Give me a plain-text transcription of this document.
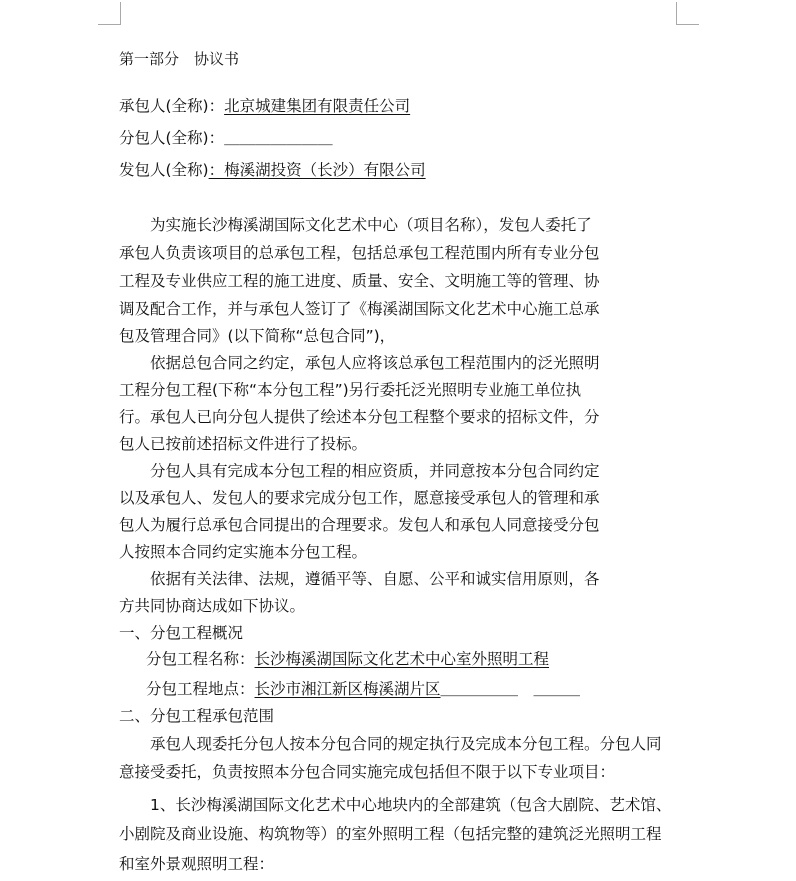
第一部分　协议书
承包人(全称)：北京城建集团有限责任公司
分包人(全称)：＿＿＿＿＿＿＿
发包人(全称)：梅溪湖投资（长沙）有限公司
为实施长沙梅溪湖国际文化艺术中心（项目名称），发包人委托了
承包人负责该项目的总承包工程，包括总承包工程范围内所有专业分包
工程及专业供应工程的施工进度、质量、安全、文明施工等的管理、协
调及配合工作，并与承包人签订了《梅溪湖国际文化艺术中心施工总承
包及管理合同》(以下简称“总包合同”)，
依据总包合同之约定，承包人应将该总承包工程范围内的泛光照明
工程分包工程(下称“本分包工程”)另行委托泛光照明专业施工单位执
行。承包人已向分包人提供了绘述本分包工程整个要求的招标文件，分
包人已按前述招标文件进行了投标。
分包人具有完成本分包工程的相应资质，并同意按本分包合同约定
以及承包人、发包人的要求完成分包工作，愿意接受承包人的管理和承
包人为履行总承包合同提出的合理要求。发包人和承包人同意接受分包
人按照本合同约定实施本分包工程。
依据有关法律、法规，遵循平等、自愿、公平和诚实信用原则，各
方共同协商达成如下协议。
一、分包工程概况
分包工程名称：长沙梅溪湖国际文化艺术中心室外照明工程
分包工程地点：长沙市湘江新区梅溪湖片区＿＿＿＿＿　＿＿＿
二、分包工程承包范围
承包人现委托分包人按本分包合同的规定执行及完成本分包工程。分包人同
意接受委托，负责按照本分包合同实施完成包括但不限于以下专业项目：
1、长沙梅溪湖国际文化艺术中心地块内的全部建筑（包含大剧院、艺术馆、
小剧院及商业设施、构筑物等）的室外照明工程（包括完整的建筑泛光照明工程
和室外景观照明工程：
